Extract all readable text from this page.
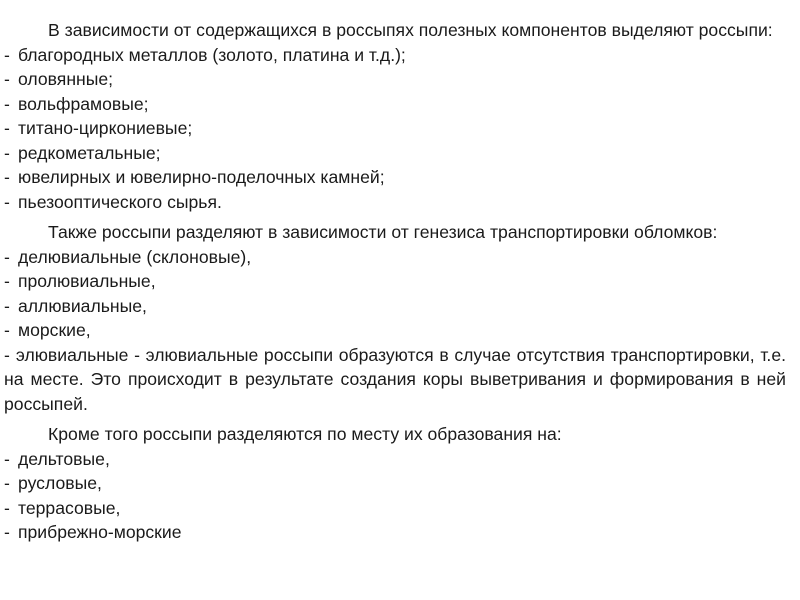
В зависимости от содержащихся в россыпях полезных компонентов выделяют россыпи:

- благородных металлов (золото, платина и т.д.);
- оловянные;
- вольфрамовые;
- титано-циркониевые;
- редкометальные;
- ювелирных и ювелирно-поделочных камней;
- пьезооптического сырья.

Также россыпи разделяют в зависимости от генезиса транспортировки обломков:

- делювиальные (склоновые),
- пролювиальные,
- аллювиальные,
- морские,
- элювиальные - элювиальные россыпи образуются в случае отсутствия транспортировки, т.е. на месте. Это происходит в результате создания коры выветривания и формирования в ней россыпей.

Кроме того россыпи разделяются по месту их образования на:

- дельтовые,
- русловые,
- террасовые,
- прибрежно-морские
